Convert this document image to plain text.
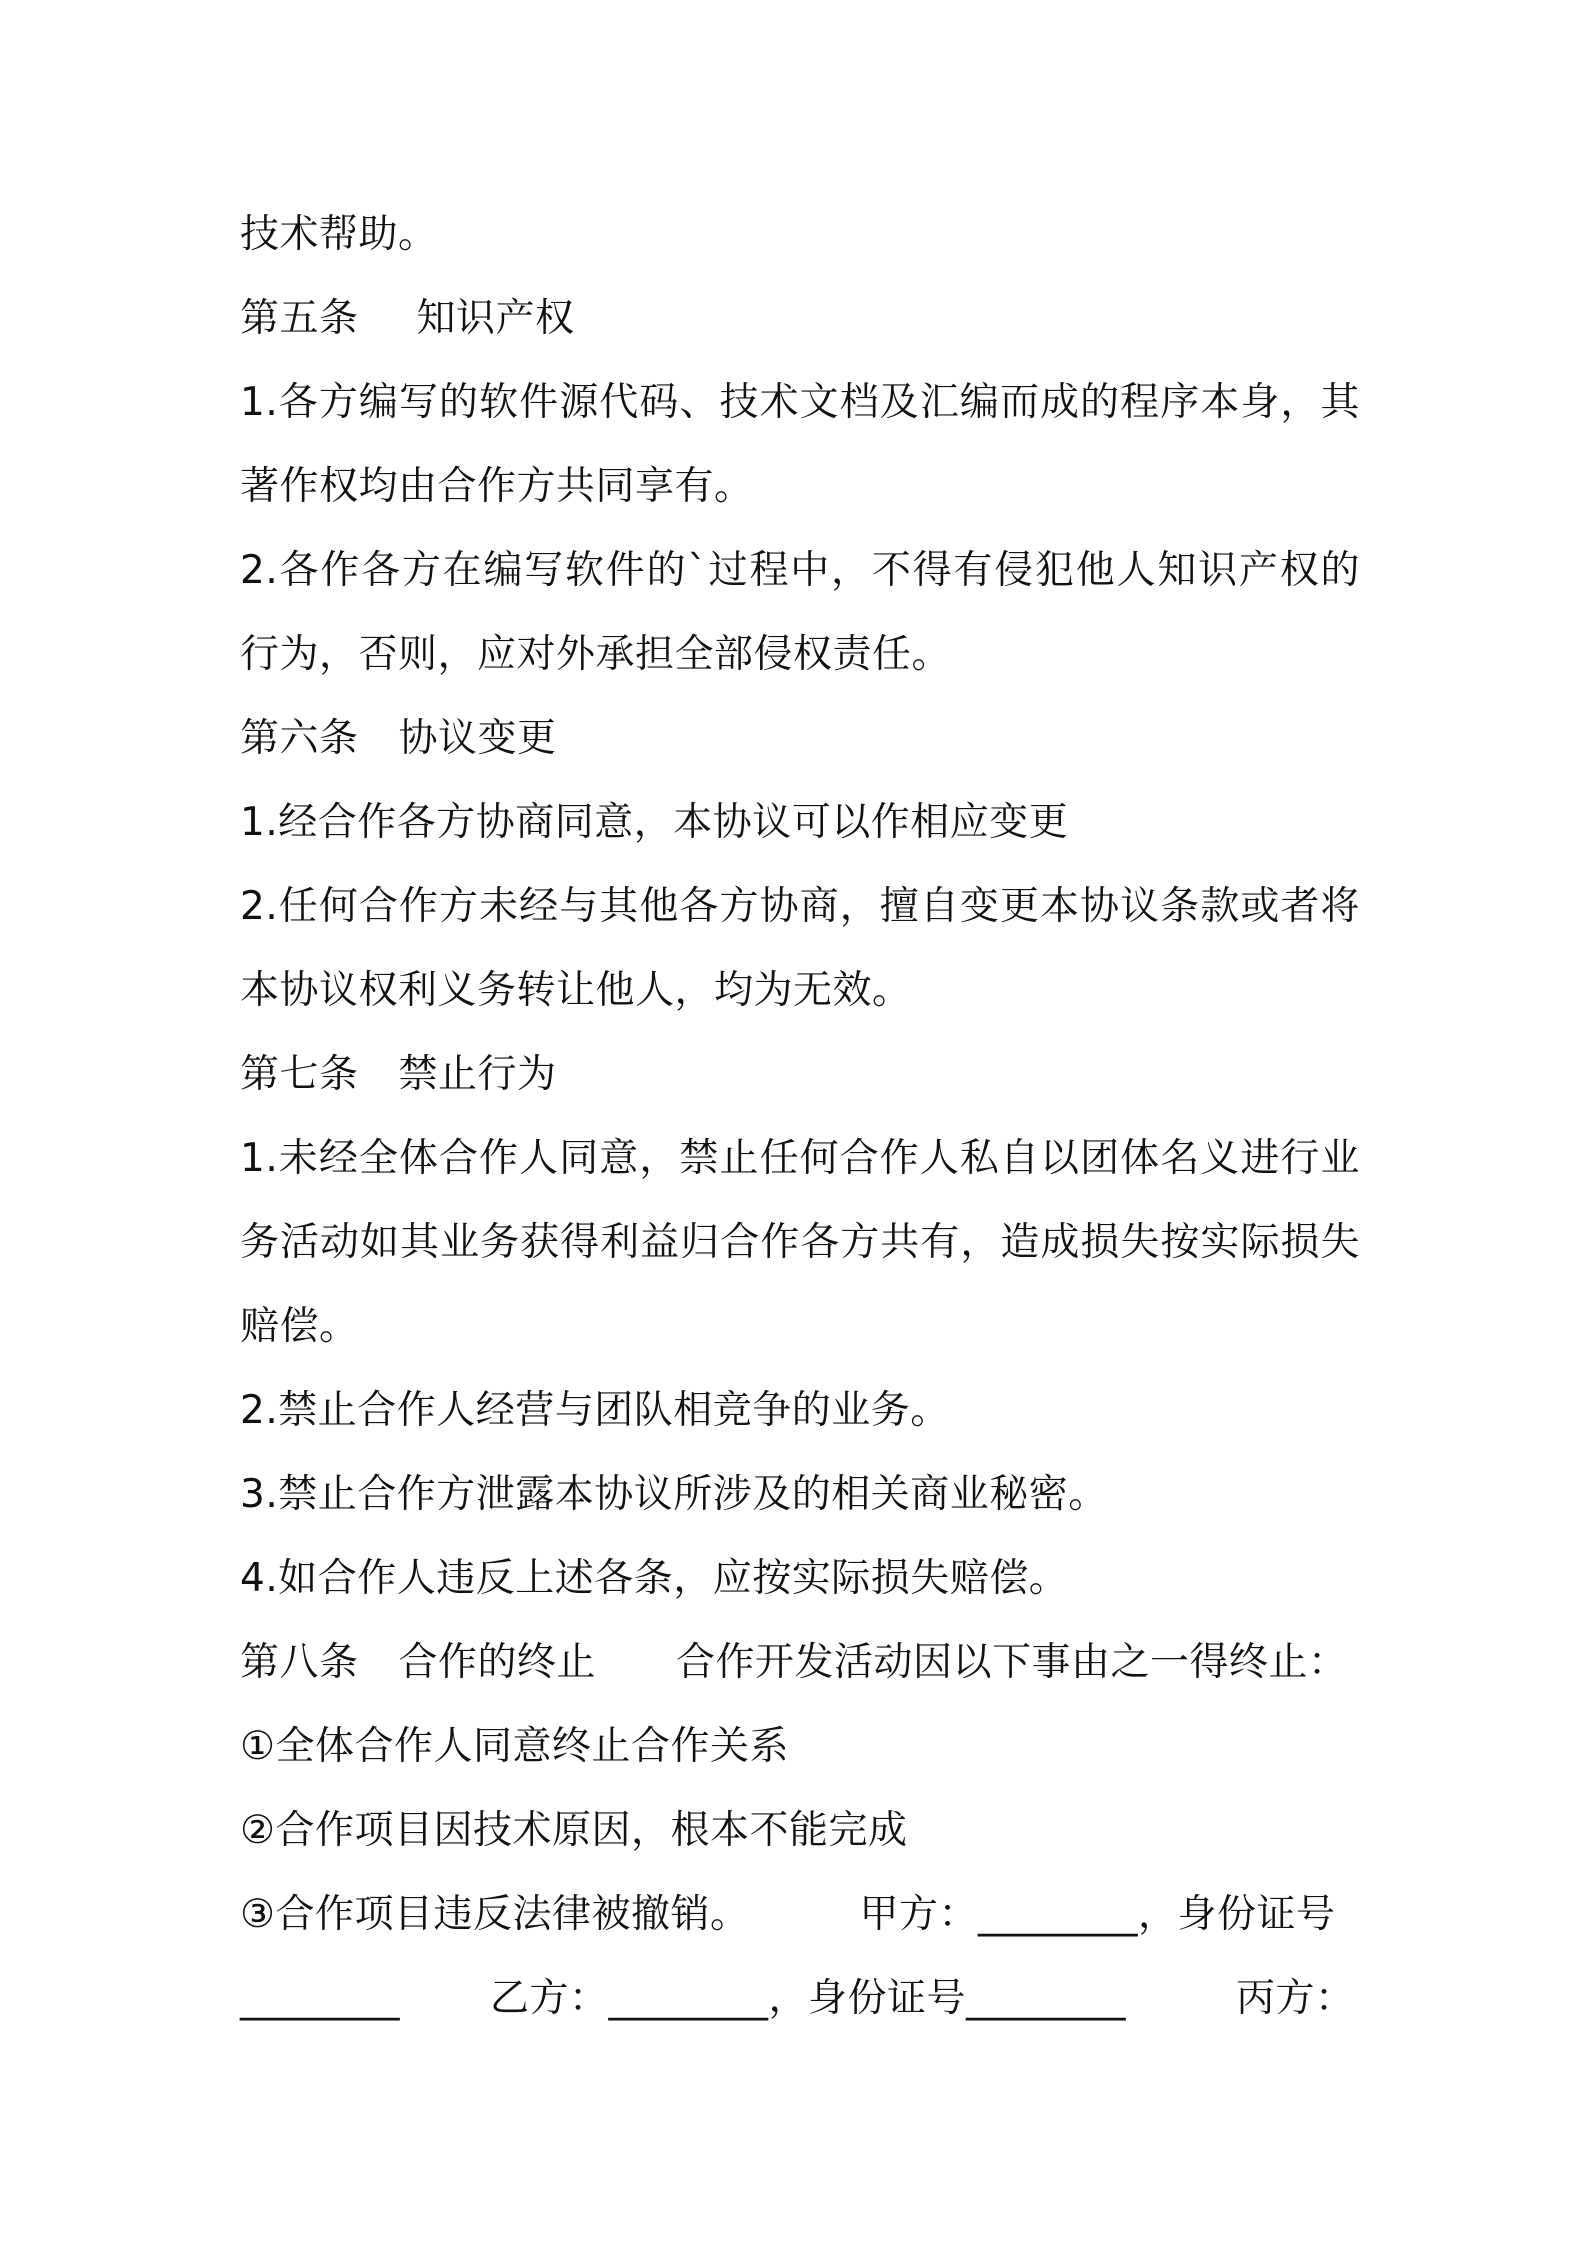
技术帮助。
第五条 知识产权
1.各方编写的软件源代码、技术文档及汇编而成的程序本身，其
著作权均由合作方共同享有。
2.各作各方在编写软件的`过程中，不得有侵犯他人知识产权的
行为，否则，应对外承担全部侵权责任。
第六条 协议变更
1.经合作各方协商同意，本协议可以作相应变更
2.任何合作方未经与其他各方协商，擅自变更本协议条款或者将
本协议权利义务转让他人，均为无效。
第七条 禁止行为
1.未经全体合作人同意，禁止任何合作人私自以团体名义进行业
务活动如其业务获得利益归合作各方共有，造成损失按实际损失
赔偿。
2.禁止合作人经营与团队相竞争的业务。
3.禁止合作方泄露本协议所涉及的相关商业秘密。
4.如合作人违反上述各条，应按实际损失赔偿。
第八条 合作的终止 合作开发活动因以下事由之一得终止：
①全体合作人同意终止合作关系
②合作项目因技术原因，根本不能完成
③合作项目违反法律被撤销。	甲方：________，身份证号
________ 乙方：________，身份证号________	丙方：
